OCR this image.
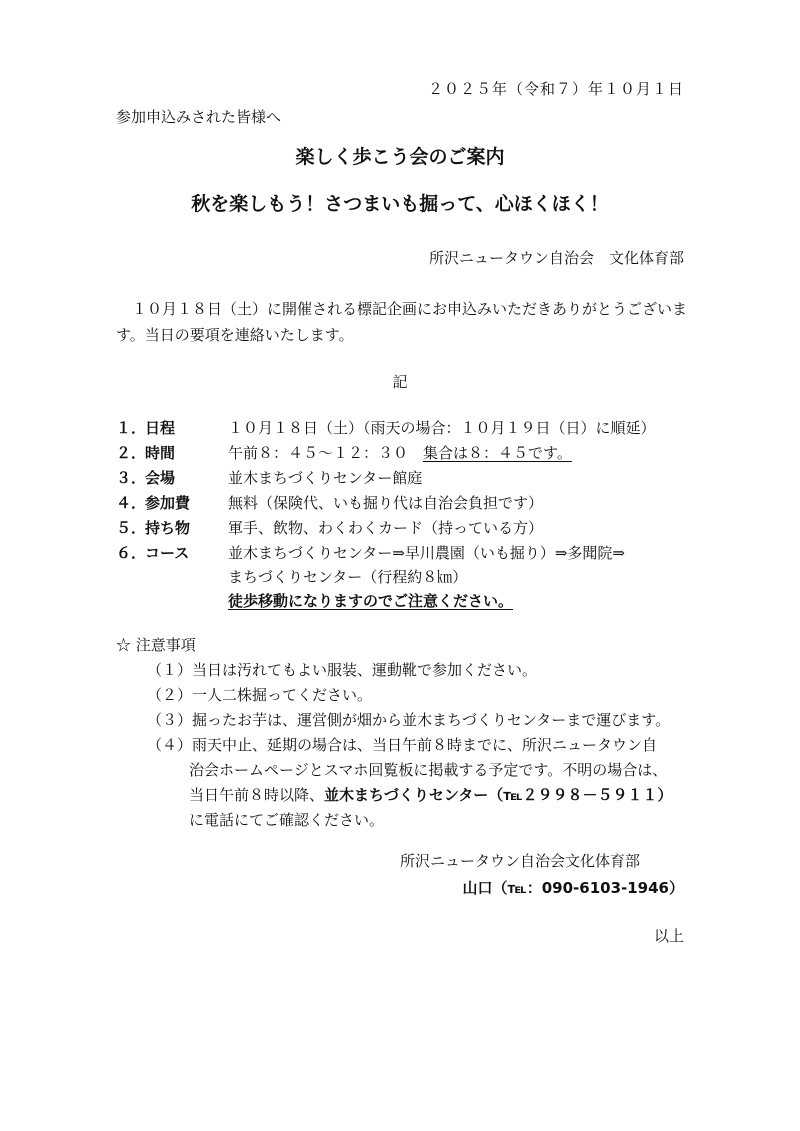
２０２５年（令和７）年１０月１日
参加申込みされた皆様へ
楽しく歩こう会のご案内
秋を楽しもう！さつまいも掘って、心ほくほく！
所沢ニュータウン自治会　文化体育部
１０月１８日（土）に開催される標記企画にお申込みいただきありがとうございます。当日の要項を連絡いたします。
記
１．日程	１０月１８日（土）（雨天の場合：１０月１９日（日）に順延）
２．時間	午前８：４５～１２：３０　 集合は８：４５です。
３．会場	並木まちづくりセンター館庭
４．参加費	無料（保険代、いも掘り代は自治会負担です）
５．持ち物	軍手、飲物、わくわくカード（持っている方）
６．コース	並木まちづくりセンター⇒早川農園（いも掘り）⇒多聞院⇒
まちづくりセンター（行程約８㎞）
徒歩移動になりますのでご注意ください。
☆ 注意事項
（１）当日は汚れてもよい服装、運動靴で参加ください。
（２）一人二株掘ってください。
（３）掘ったお芋は、運営側が畑から並木まちづくりセンターまで運びます。
（４）雨天中止、延期の場合は、当日午前８時までに、所沢ニュータウン自
治会ホームページとスマホ回覧板に掲載する予定です。不明の場合は、
当日午前８時以降、並木まちづくりセンター（℡２９９８－５９１１）
に電話にてご確認ください。
所沢ニュータウン自治会文化体育部
山口（℡：090-6103-1946）
以上
